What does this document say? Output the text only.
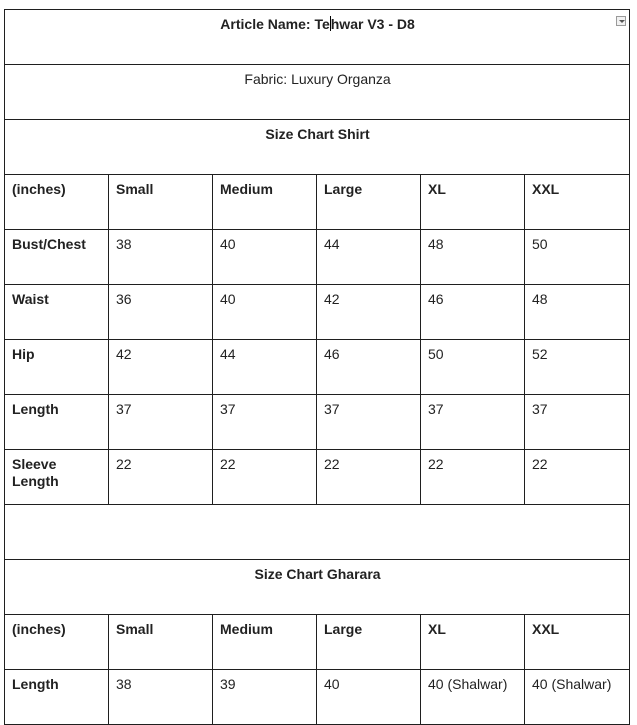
Article Name: Tehwar V3 - D8					

Fabric: Luxury Organza					
Size Chart Shirt					
(inches)	Small	Medium	Large	XL	XXL
Bust/Chest	38	40	44	48	50
Waist	36	40	42	46	48
Hip	42	44	46	50	52
Length	37	37	37	37	37
Sleeve Length	22	22	22	22	22

Size Chart Gharara					
(inches)	Small	Medium	Large	XL	XXL
Length	38	39	40	40 (Shalwar)	40 (Shalwar)
